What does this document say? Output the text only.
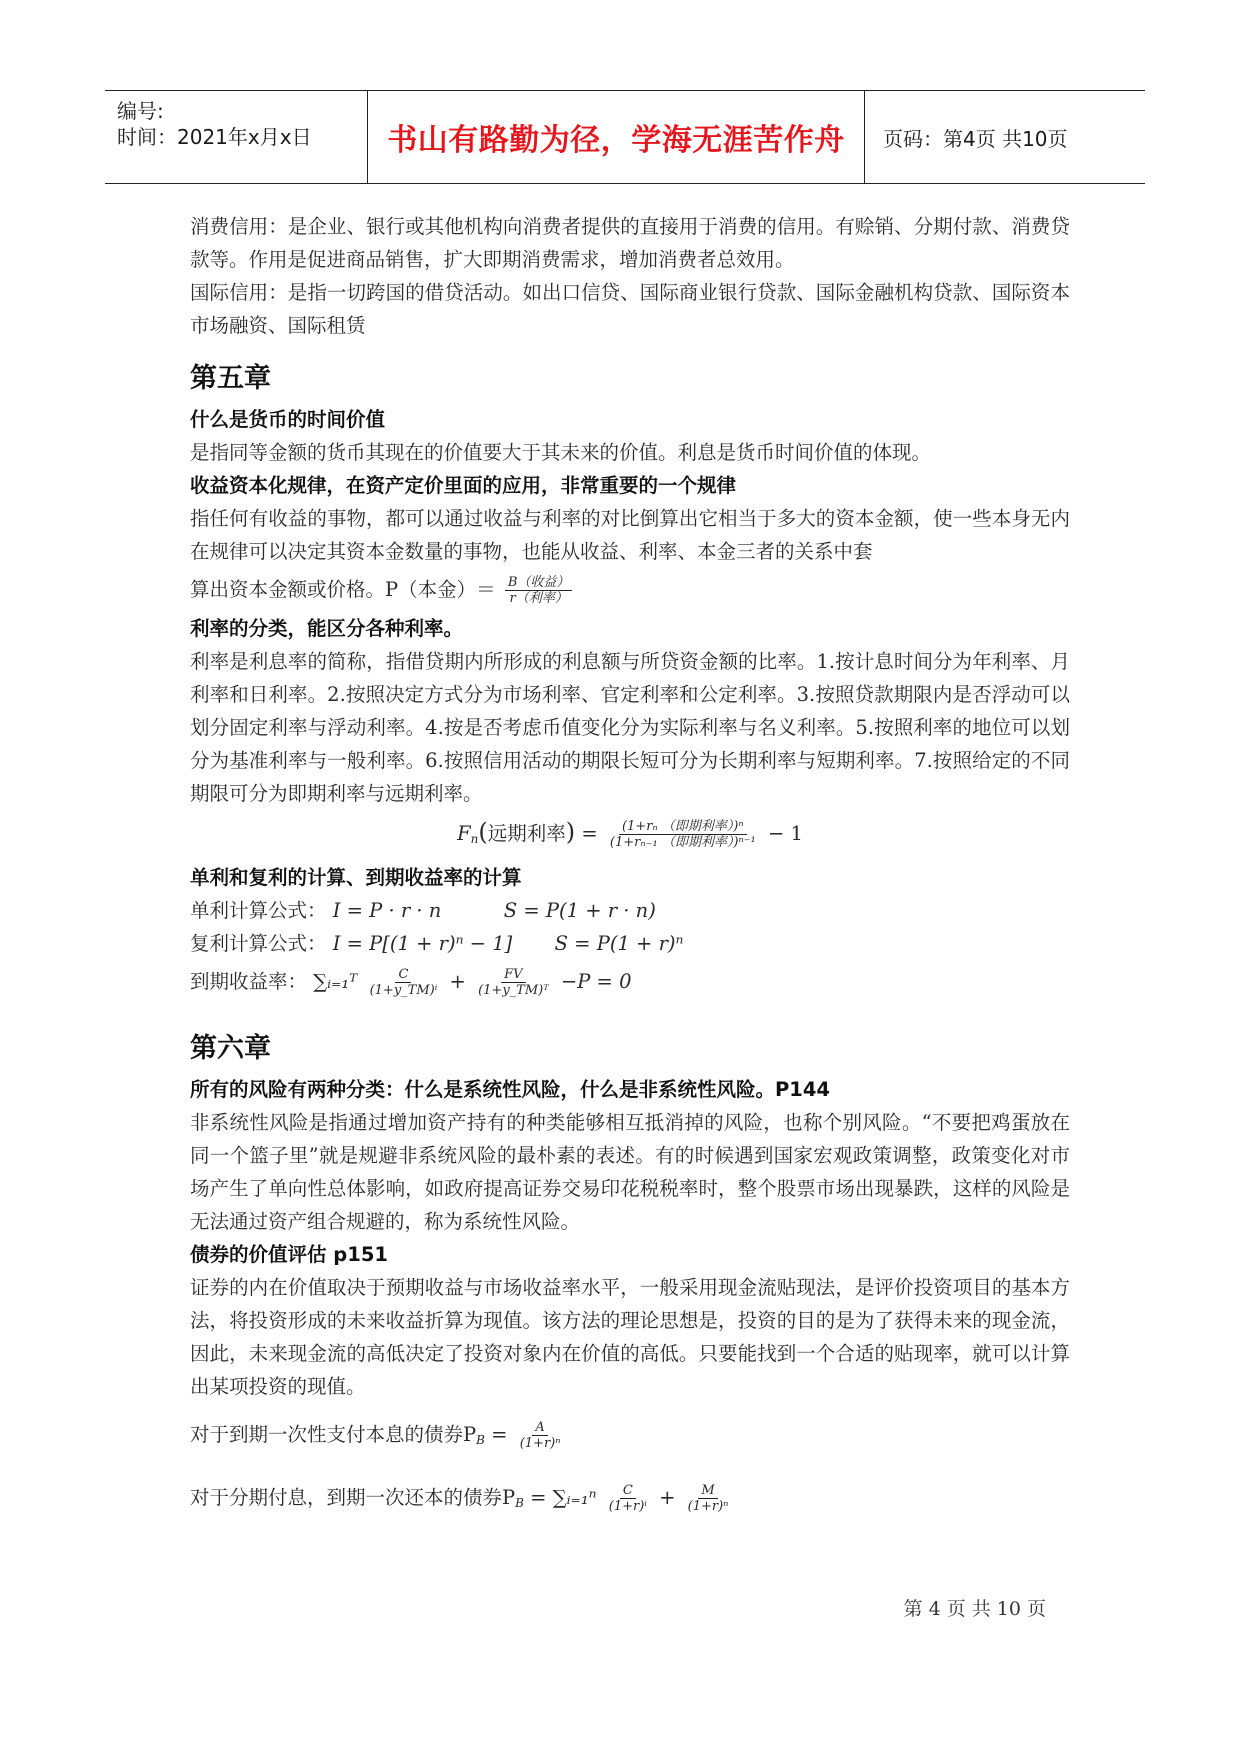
编号:
时间：2021年x月x日	书山有路勤为径，学海无涯苦作舟	页码：第4页 共10页
消费信用：是企业、银行或其他机构向消费者提供的直接用于消费的信用。有赊销、分期付款、消费贷款等。作用是促进商品销售，扩大即期消费需求，增加消费者总效用。
国际信用：是指一切跨国的借贷活动。如出口信贷、国际商业银行贷款、国际金融机构贷款、国际资本市场融资、国际租赁
第五章
什么是货币的时间价值
是指同等金额的货币其现在的价值要大于其未来的价值。利息是货币时间价值的体现。
收益资本化规律，在资产定价里面的应用，非常重要的一个规律
指任何有收益的事物，都可以通过收益与利率的对比倒算出它相当于多大的资本金额，使一些本身无内在规律可以决定其资本金数量的事物，也能从收益、利率、本金三者的关系中套
算出资本金额或价格。P（本金）＝ $\frac{\text{B（收益）}}{\text{r（利率）}}$
利率的分类，能区分各种利率。
利率是利息率的简称，指借贷期内所形成的利息额与所贷资金额的比率。1.按计息时间分为年利率、月利率和日利率。2.按照决定方式分为市场利率、官定利率和公定利率。3.按照贷款期限内是否浮动可以划分固定利率与浮动利率。4.按是否考虑币值变化分为实际利率与名义利率。5.按照利率的地位可以划分为基准利率与一般利率。6.按照信用活动的期限长短可分为长期利率与短期利率。7.按照给定的不同期限可分为即期利率与远期利率。
$F_n$(远期利率) = $\frac{\text{(1+rₙ （即期利率）)ⁿ}}{\text{(1+rₙ₋₁ （即期利率）)ⁿ⁻¹}} - 1$
单利和复利的计算、到期收益率的计算
单利计算公式： I = P · r · n	S = P(1 + r · n)
复利计算公式： I = P[(1 + r)ⁿ − 1] S = P(1 + r)ⁿ
到期收益率： ∑ᵢ₌₁ᵀ $\frac{C}{\text{(1+y\_TM)ⁱ}} + \frac{FV}{\text{(1+y\_TM)ᵀ}} -P = 0$
第六章
所有的风险有两种分类：什么是系统性风险，什么是非系统性风险。P144
非系统性风险是指通过增加资产持有的种类能够相互抵消掉的风险，也称个别风险。“不要把鸡蛋放在同一个篮子里”就是规避非系统风险的最朴素的表述。有的时候遇到国家宏观政策调整，政策变化对市场产生了单向性总体影响，如政府提高证券交易印花税税率时，整个股票市场出现暴跌，这样的风险是无法通过资产组合规避的，称为系统性风险。
债券的价值评估 p151
证券的内在价值取决于预期收益与市场收益率水平，一般采用现金流贴现法，是评价投资项目的基本方法，将投资形成的未来收益折算为现值。该方法的理论思想是，投资的目的是为了获得未来的现金流，因此，未来现金流的高低决定了投资对象内在价值的高低。只要能找到一个合适的贴现率，就可以计算出某项投资的现值。
对于到期一次性支付本息的债券$P_B = \frac{A}{\text{(1+r)ⁿ}}$
对于分期付息，到期一次还本的债券$P_B$ = ∑ᵢ₌₁ⁿ $\frac{C}{\text{(1+r)ⁱ}} + \frac{M}{\text{(1+r)ⁿ}}$
第 4 页 共 10 页
